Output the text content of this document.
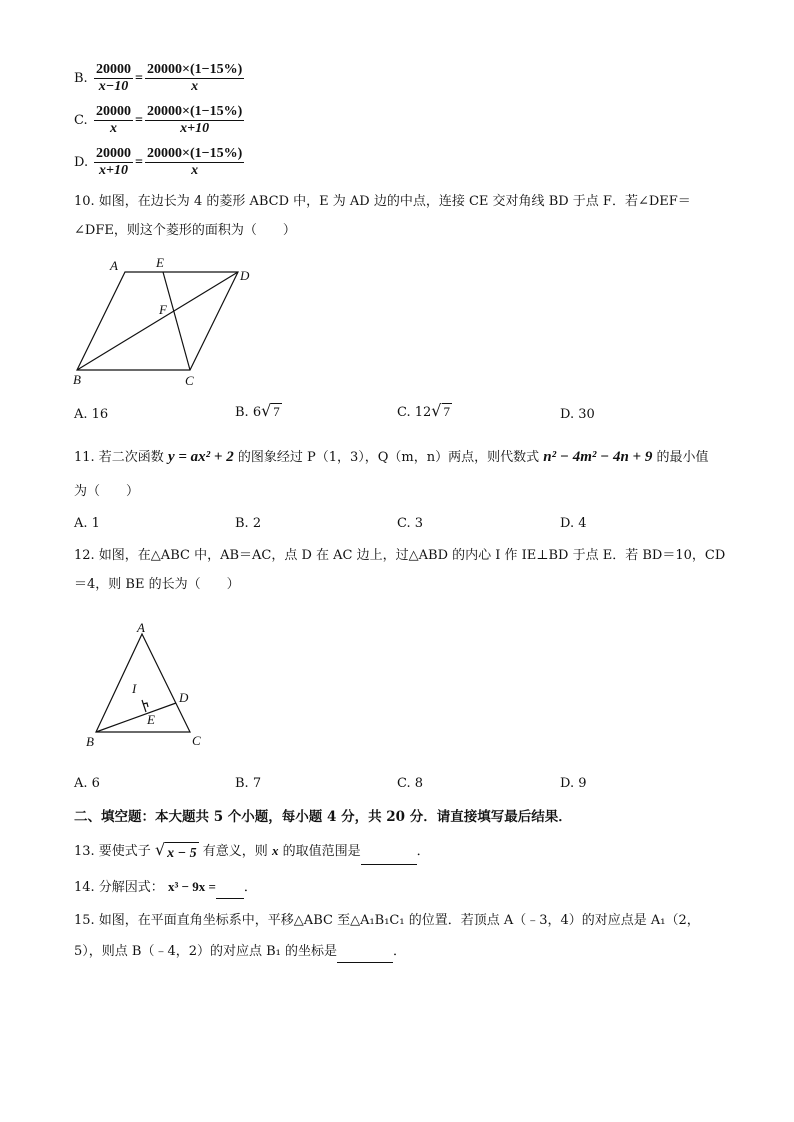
B. $\frac{20000}{x-10} = \frac{20000\times(1-15\%)}{x}$
C. $\frac{20000}{x} = \frac{20000\times(1-15\%)}{x+10}$
D. $\frac{20000}{x+10} = \frac{20000\times(1-15\%)}{x}$
10. 如图，在边长为 4 的菱形 ABCD 中，E 为 AD 边的中点，连接 CE 交对角线 BD 于点 F．若∠DEF＝
∠DFE，则这个菱形的面积为（　　）
A	E
D
F
B	C
A. 16	B. 6 √ 7	C. 12 √ 7	D. 30
11. 若二次函数 y = ax² + 2 的图象经过 P（1，3），Q（m，n）两点，则代数式 n² − 4m² − 4n + 9 的最小值
为（　　）
A. 1	B. 2	C. 3	D. 4
12. 如图，在△ABC 中，AB＝AC，点 D 在 AC 边上，过△ABD 的内心 I 作 IE⊥BD 于点 E．若 BD＝10，CD
＝4，则 BE 的长为（　　）
A
I
D
E
B	C
A. 6	B. 7	C. 8	D. 9
二、填空题：本大题共 5 个小题，每小题 4 分，共 20 分．请直接填写最后结果．
13. 要使式子 √ x − 5 有意义，则 x 的取值范围是	．
14. 分解因式： x³ − 9x = ．
15. 如图，在平面直角坐标系中，平移△ABC 至△A₁B₁C₁ 的位置．若顶点 A（﹣3，4）的对应点是 A₁（2，
5），则点 B（﹣4，2）的对应点 B₁ 的坐标是	．
